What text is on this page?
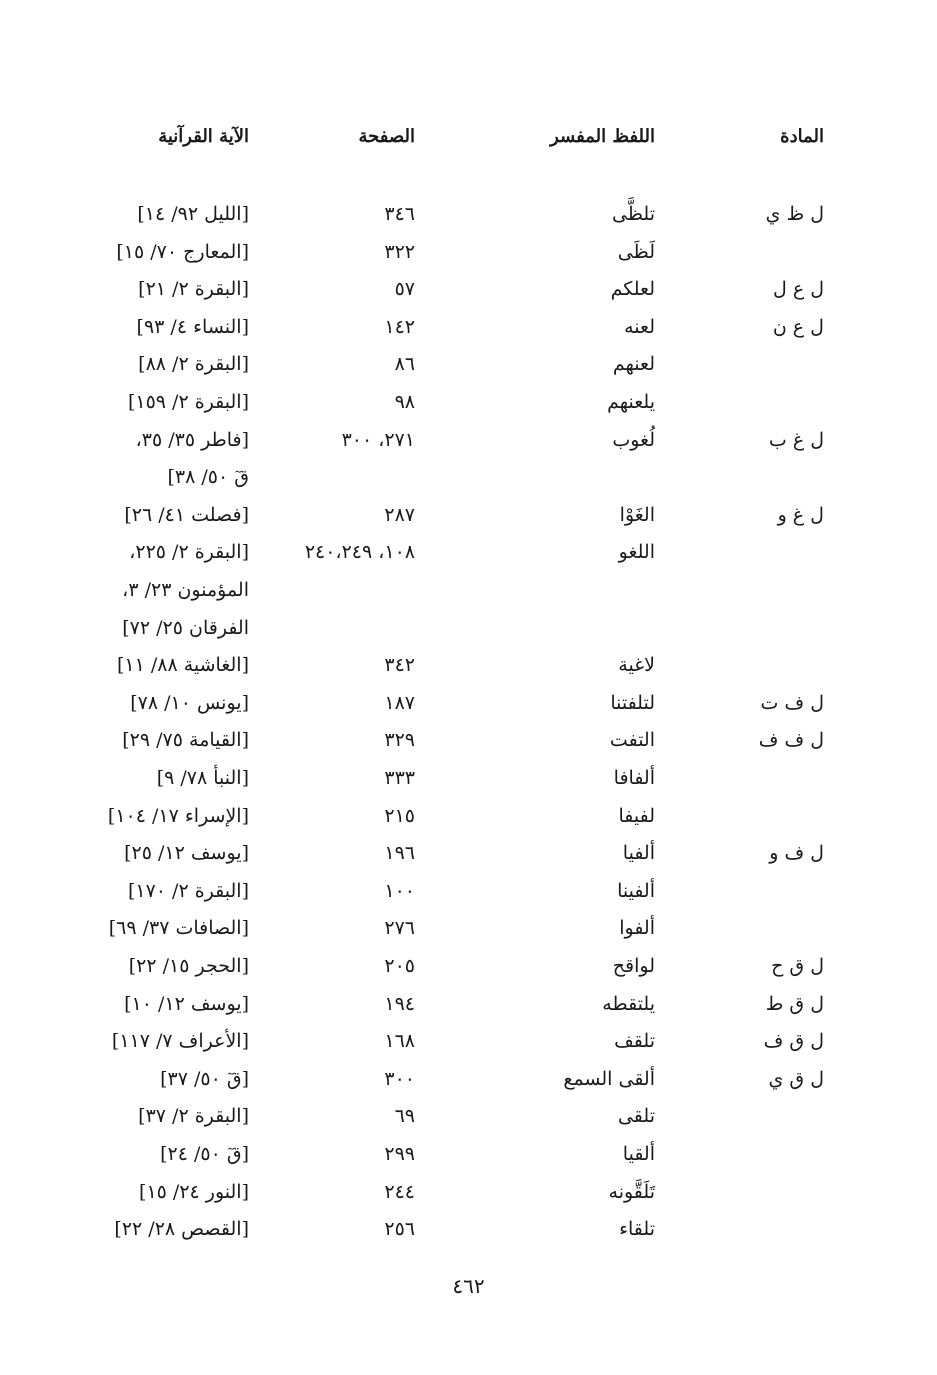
المادة
اللفظ المفسر
الصفحة
الآية القرآنية
ل ظ ي
تلظَّى
٣٤٦
[الليل ٩٢/ ١٤]
لَظَى
٣٢٢
[المعارج ٧٠/ ١٥]
ل ع ل
لعلكم
٥٧
[البقرة ٢/ ٢١]
ل ع ن
لعنه
١٤٢
[النساء ٤/ ٩٣]
لعنهم
٨٦
[البقرة ٢/ ٨٨]
يلعنهم
٩٨
[البقرة ٢/ ١٥٩]
ل غ ب
لُغوب
٢٧١، ٣٠٠
[فاطر ٣٥/ ٣٥،
قٓ ٥٠/ ٣٨]
ل غ و
الغَوْا
٢٨٧
[فصلت ٤١/ ٢٦]
اللغو
١٠٨، ٢٤٠،٢٤٩
[البقرة ٢/ ٢٢٥،
المؤمنون ٢٣/ ٣،
الفرقان ٢٥/ ٧٢]
لاغية
٣٤٢
[الغاشية ٨٨/ ١١]
ل ف ت
لتلفتنا
١٨٧
[يونس ١٠/ ٧٨]
ل ف ف
التفت
٣٢٩
[القيامة ٧٥/ ٢٩]
ألفافا
٣٣٣
[النبأ ٧٨/ ٩]
لفيفا
٢١٥
[الإسراء ١٧/ ١٠٤]
ل ف و
ألفيا
١٩٦
[يوسف ١٢/ ٢٥]
ألفينا
١٠٠
[البقرة ٢/ ١٧٠]
ألفوا
٢٧٦
[الصافات ٣٧/ ٦٩]
ل ق ح
لواقح
٢٠٥
[الحجر ١٥/ ٢٢]
ل ق ط
يلتقطه
١٩٤
[يوسف ١٢/ ١٠]
ل ق ف
تلقف
١٦٨
[الأعراف ٧/ ١١٧]
ل ق ي
ألقى السمع
٣٠٠
[قٓ ٥٠/ ٣٧]
تلقى
٦٩
[البقرة ٢/ ٣٧]
ألقيا
٢٩٩
[قٓ ٥٠/ ٢٤]
تَلَقَّونه
٢٤٤
[النور ٢٤/ ١٥]
تلقاء
٢٥٦
[القصص ٢٨/ ٢٢]
٤٦٢
